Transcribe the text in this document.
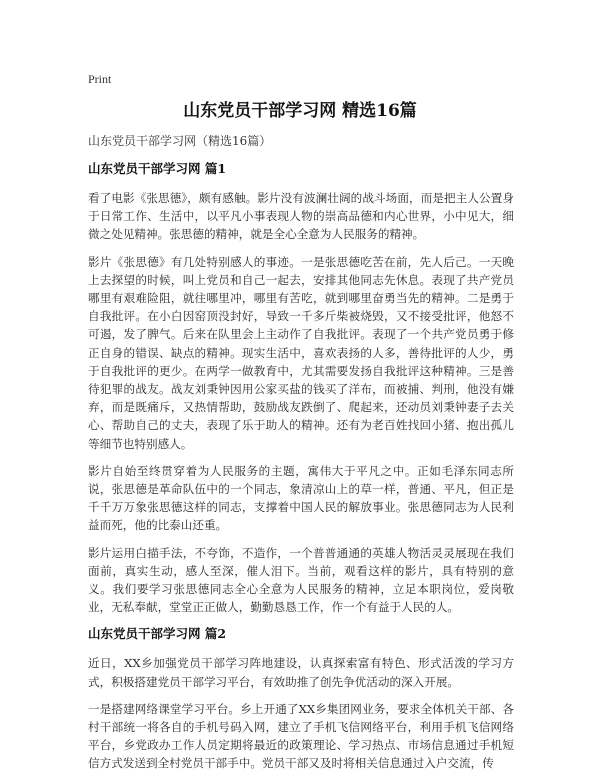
Print
山东党员干部学习网 精选16篇

山东党员干部学习网（精选16篇）

山东党员干部学习网 篇1

看了电影《张思德》，颇有感触。影片没有波澜壮阔的战斗场面，而是把主人公置身于日常工作、生活中，以平凡小事表现人物的崇高品德和内心世界，小中见大，细微之处见精神。张思德的精神，就是全心全意为人民服务的精神。

影片《张思德》有几处特别感人的事迹。一是张思德吃苦在前，先人后己。一天晚上去探望的时候，叫上党员和自己一起去，安排其他同志先休息。表现了共产党员哪里有艰难险阻，就往哪里冲，哪里有苦吃，就到哪里奋勇当先的精神。二是勇于自我批评。在小白因窑顶没封好，导致一千多斤柴被烧毁，又不接受批评，他怒不可遏，发了脾气。后来在队里会上主动作了自我批评。表现了一个共产党员勇于修正自身的错误、缺点的精神。现实生活中，喜欢表扬的人多，善待批评的人少，勇于自我批评的更少。在两学一做教育中，尤其需要发扬自我批评这种精神。三是善待犯罪的战友。战友刘秉钟因用公家买盐的钱买了洋布，而被捕、判刑，他没有嫌弃，而是既痛斥，又热情帮助，鼓励战友跌倒了、爬起来，还动员刘秉钟妻子去关心、帮助自己的丈夫，表现了乐于助人的精神。还有为老百姓找回小猪、抱出孤儿等细节也特别感人。

影片自始至终贯穿着为人民服务的主题，寓伟大于平凡之中。正如毛泽东同志所说，张思德是革命队伍中的一个同志，象清凉山上的草一样，普通、平凡，但正是千千万万象张思德这样的同志，支撑着中国人民的解放事业。张思德同志为人民利益而死，他的比泰山还重。

影片运用白描手法，不夸饰，不造作，一个普普通通的英雄人物活灵灵展现在我们面前，真实生动，感人至深，催人泪下。当前，观看这样的影片，具有特别的意义。我们要学习张思德同志全心全意为人民服务的精神，立足本职岗位，爱岗敬业，无私奉献，堂堂正正做人，勤勤恳恳工作，作一个有益于人民的人。

山东党员干部学习网 篇2

近日，XX乡加强党员干部学习阵地建设，认真探索富有特色、形式活泼的学习方式，积极搭建党员干部学习平台，有效助推了创先争优活动的深入开展。

一是搭建网络课堂学习平台。乡上开通了XX乡集团网业务，要求全体机关干部、各村干部统一将各自的手机号码入网，建立了手机飞信网络平台，利用手机飞信网络平台，乡党政办工作人员定期将最近的政策理论、学习热点、市场信息通过手机短信方式发送到全村党员干部手中。党员干部又及时将相关信息通过入户交流，传
